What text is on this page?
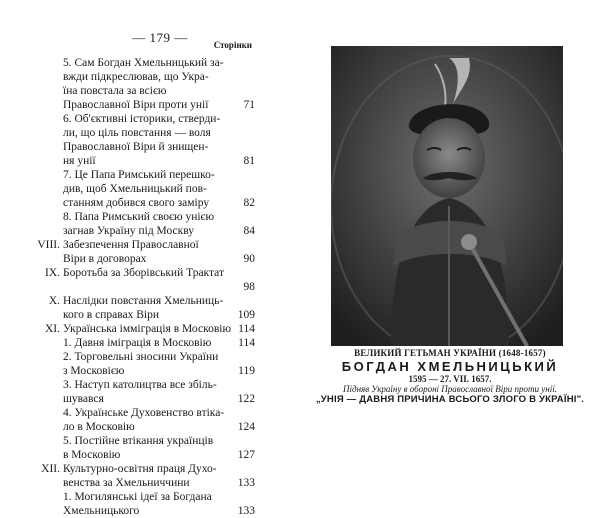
— 179 —	Сторінки
5. Сам Богдан Хмельницький за-
вжди підкреслював, що Укра-
їна повстала за всією
Православної Віри проти унії	71
6. Об'єктивні історики, стверди-
ли, що ціль повстання — воля
Православної Віри й знищен-
ня унії	81
7. Це Папа Римський перешко-
див, щоб Хмельницький пов-
станням добився свого заміру	82
8. Папа Римський своєю унією
загнав Україну під Москву	84
VIII. Забезпечення Православної
Віри в договорах	90
IX. Боротьба за Зборівський Трактат
98
X. Наслідки повстання Хмельниць-
кого в справах Віри	109
XI. Українська імміграція в Московію 114
1. Давня іміграція в Московію	114
2. Торговельні зносини України
з Московією	119
3. Наступ католицтва все збіль-
шувався	122
4. Українське Духовенство втіка-
ло в Московію	124
5. Постійне втікання українців
в Московію	127
XII. Культурно-освітня праця Духо-
венства за Хмельниччини	133
1. Могилянські ідеї за Богдана
Хмельницького	133
ВЕЛИКИЙ ГЕТЬМАН УКРАЇНИ (1648-1657)
БОГДАН ХМЕЛЬНИЦЬКИЙ
1595 — 27. VII. 1657.
Підняв Україну в обороні Православної Віри проти унії.
„УНІЯ — ДАВНЯ ПРИЧИНА ВСЬОГО ЗЛОГО В УКРАЇНІ".
